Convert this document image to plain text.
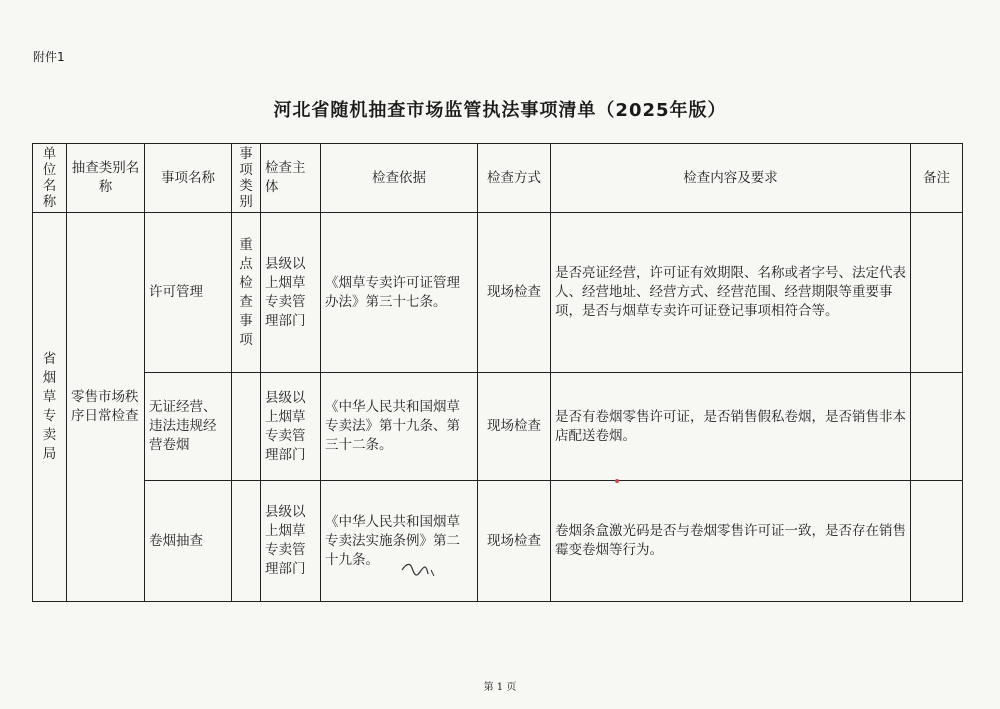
附件1
河北省随机抽查市场监管执法事项清单（2025年版）
单位名称	抽查类别名称	事项名称	事项类别	检查主体	检查依据	检查方式	检查内容及要求	备注
省烟草专卖局	零售市场秩序日常检查	许可管理	重点检查事项	县级以上烟草专卖管理部门	《烟草专卖许可证管理办法》第三十七条。	现场检查	是否亮证经营，许可证有效期限、名称或者字号、法定代表人、经营地址、经营方式、经营范围、经营期限等重要事项，是否与烟草专卖许可证登记事项相符合等。	
		无证经营、违法违规经营卷烟		县级以上烟草专卖管理部门	《中华人民共和国烟草专卖法》第十九条、第三十二条。	现场检查	是否有卷烟零售许可证，是否销售假私卷烟，是否销售非本店配送卷烟。	
		卷烟抽查		县级以上烟草专卖管理部门	《中华人民共和国烟草专卖法实施条例》第二十九条。	现场检查	卷烟条盒激光码是否与卷烟零售许可证一致，是否存在销售霉变卷烟等行为。	
第 1 页
